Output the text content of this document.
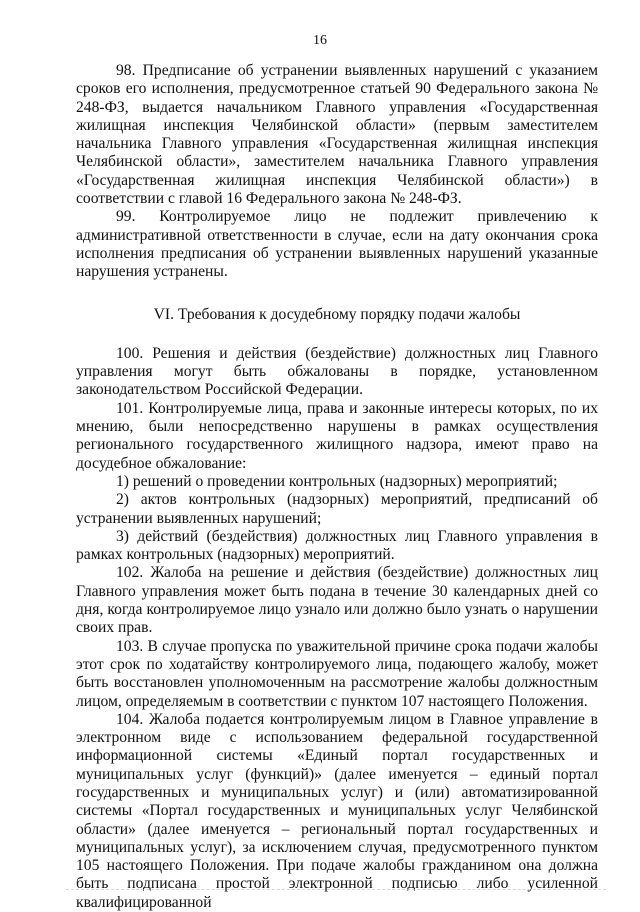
16

98. Предписание об устранении выявленных нарушений с указанием сроков его исполнения, предусмотренное статьей 90 Федерального закона № 248-ФЗ, выдается начальником Главного управления «Государственная жилищная инспекция Челябинской области» (первым заместителем начальника Главного управления «Государственная жилищная инспекция Челябинской области», заместителем начальника Главного управления «Государственная жилищная инспекция Челябинской области») в соответствии с главой 16 Федерального закона № 248-ФЗ.

99. Контролируемое лицо не подлежит привлечению к административной ответственности в случае, если на дату окончания срока исполнения предписания об устранении выявленных нарушений указанные нарушения устранены.

VI. Требования к досудебному порядку подачи жалобы

100. Решения и действия (бездействие) должностных лиц Главного управления могут быть обжалованы в порядке, установленном законодательством Российской Федерации.

101. Контролируемые лица, права и законные интересы которых, по их мнению, были непосредственно нарушены в рамках осуществления регионального государственного жилищного надзора, имеют право на досудебное обжалование:

1) решений о проведении контрольных (надзорных) мероприятий;

2) актов контрольных (надзорных) мероприятий, предписаний об устранении выявленных нарушений;

3) действий (бездействия) должностных лиц Главного управления в рамках контрольных (надзорных) мероприятий.

102. Жалоба на решение и действия (бездействие) должностных лиц Главного управления может быть подана в течение 30 календарных дней со дня, когда контролируемое лицо узнало или должно было узнать о нарушении своих прав.

103. В случае пропуска по уважительной причине срока подачи жалобы этот срок по ходатайству контролируемого лица, подающего жалобу, может быть восстановлен уполномоченным на рассмотрение жалобы должностным лицом, определяемым в соответствии с пунктом 107 настоящего Положения.

104. Жалоба подается контролируемым лицом в Главное управление в электронном виде с использованием федеральной государственной информационной системы «Единый портал государственных и муниципальных услуг (функций)» (далее именуется – единый портал государственных и муниципальных услуг) и (или) автоматизированной системы «Портал государственных и муниципальных услуг Челябинской области» (далее именуется – региональный портал государственных и муниципальных услуг), за исключением случая, предусмотренного пунктом 105 настоящего Положения. При подаче жалобы гражданином она должна быть подписана простой электронной подписью либо усиленной квалифицированной
